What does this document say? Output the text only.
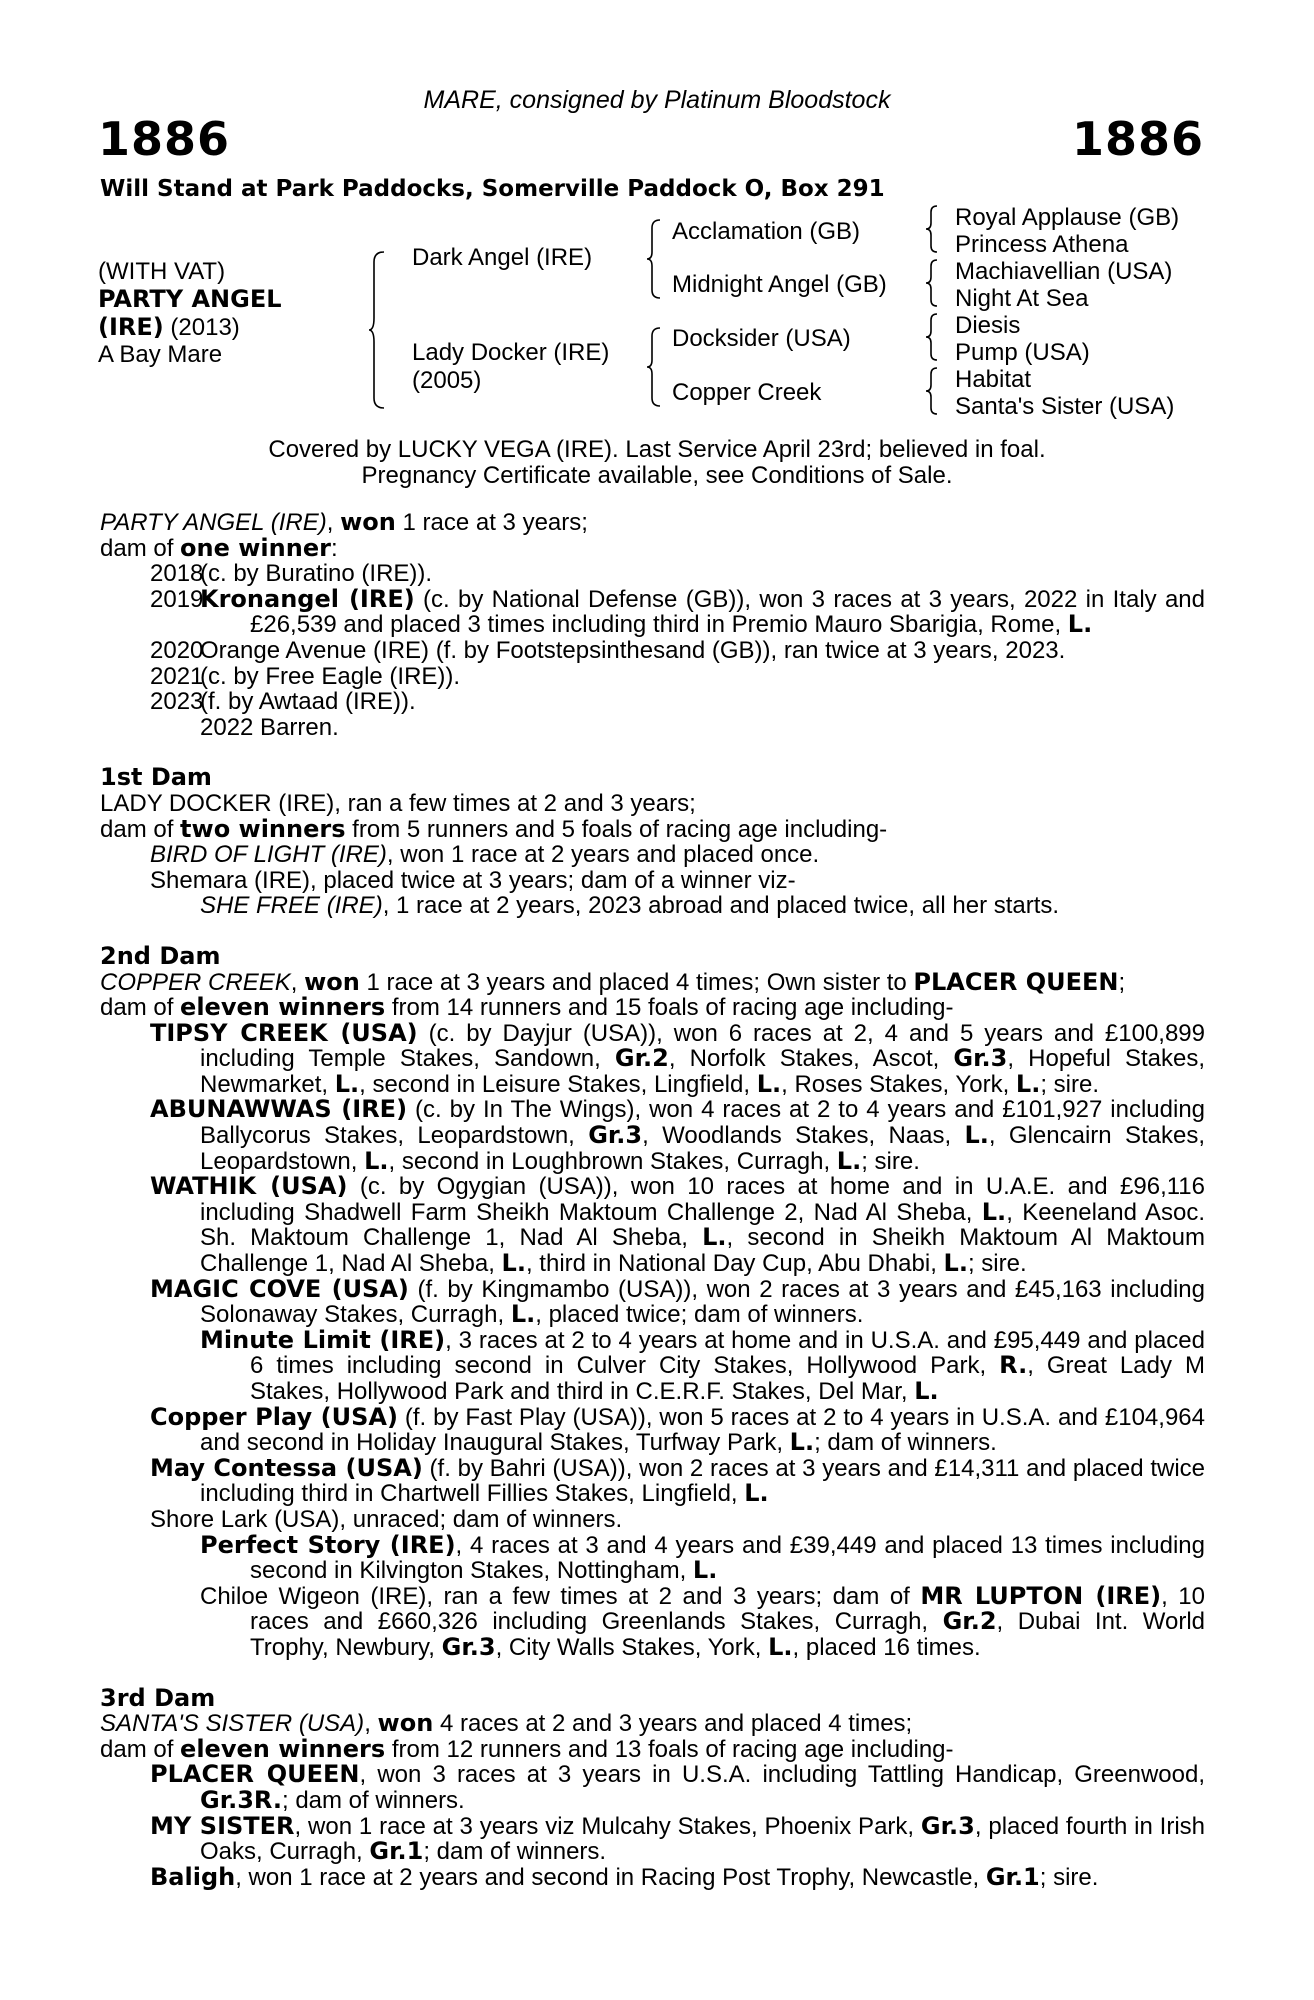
MARE, consigned by Platinum Bloodstock
1886	1886
Will Stand at Park Paddocks, Somerville Paddock O, Box 291
(WITH VAT)
PARTY ANGEL
(IRE) (2013)
A Bay Mare
Dark Angel (IRE)
Lady Docker (IRE)
(2005)
Acclamation (GB)
Midnight Angel (GB)
Docksider (USA)
Copper Creek
Royal Applause (GB)
Princess Athena
Machiavellian (USA)
Night At Sea
Diesis
Pump (USA)
Habitat
Santa's Sister (USA)
Covered by LUCKY VEGA (IRE). Last Service April 23rd; believed in foal.
Pregnancy Certificate available, see Conditions of Sale.

PARTY ANGEL (IRE), won 1 race at 3 years;

dam of one winner:

2018
(c. by Buratino (IRE)).
2019
Kronangel (IRE) (c. by National Defense (GB)), won 3 races at 3 years, 2022 in Italy and £26,539 and placed 3 times including third in Premio Mauro Sbarigia, Rome, L.
2020
Orange Avenue (IRE) (f. by Footstepsinthesand (GB)), ran twice at 3 years, 2023.
2021
(c. by Free Eagle (IRE)).
2023
(f. by Awtaad (IRE)).
2022 Barren.

1st Dam

LADY DOCKER (IRE), ran a few times at 2 and 3 years;

dam of two winners from 5 runners and 5 foals of racing age including-

BIRD OF LIGHT (IRE), won 1 race at 2 years and placed once.

Shemara (IRE), placed twice at 3 years; dam of a winner viz-

SHE FREE (IRE), 1 race at 2 years, 2023 abroad and placed twice, all her starts.

2nd Dam

COPPER CREEK, won 1 race at 3 years and placed 4 times; Own sister to PLACER QUEEN;

dam of eleven winners from 14 runners and 15 foals of racing age including-

TIPSY CREEK (USA) (c. by Dayjur (USA)), won 6 races at 2, 4 and 5 years and £100,899 including Temple Stakes, Sandown, Gr.2, Norfolk Stakes, Ascot, Gr.3, Hopeful Stakes, Newmarket, L., second in Leisure Stakes, Lingfield, L., Roses Stakes, York, L.; sire.

ABUNAWWAS (IRE) (c. by In The Wings), won 4 races at 2 to 4 years and £101,927 including Ballycorus Stakes, Leopardstown, Gr.3, Woodlands Stakes, Naas, L., Glencairn Stakes, Leopardstown, L., second in Loughbrown Stakes, Curragh, L.; sire.

WATHIK (USA) (c. by Ogygian (USA)), won 10 races at home and in U.A.E. and £96,116 including Shadwell Farm Sheikh Maktoum Challenge 2, Nad Al Sheba, L., Keeneland Asoc. Sh. Maktoum Challenge 1, Nad Al Sheba, L., second in Sheikh Maktoum Al Maktoum Challenge 1, Nad Al Sheba, L., third in National Day Cup, Abu Dhabi, L.; sire.

MAGIC COVE (USA) (f. by Kingmambo (USA)), won 2 races at 3 years and £45,163 including Solonaway Stakes, Curragh, L., placed twice; dam of winners.

Minute Limit (IRE), 3 races at 2 to 4 years at home and in U.S.A. and £95,449 and placed 6 times including second in Culver City Stakes, Hollywood Park, R., Great Lady M Stakes, Hollywood Park and third in C.E.R.F. Stakes, Del Mar, L.

Copper Play (USA) (f. by Fast Play (USA)), won 5 races at 2 to 4 years in U.S.A. and £104,964 and second in Holiday Inaugural Stakes, Turfway Park, L.; dam of winners.

May Contessa (USA) (f. by Bahri (USA)), won 2 races at 3 years and £14,311 and placed twice including third in Chartwell Fillies Stakes, Lingfield, L.

Shore Lark (USA), unraced; dam of winners.

Perfect Story (IRE), 4 races at 3 and 4 years and £39,449 and placed 13 times including second in Kilvington Stakes, Nottingham, L.

Chiloe Wigeon (IRE), ran a few times at 2 and 3 years; dam of MR LUPTON (IRE), 10 races and £660,326 including Greenlands Stakes, Curragh, Gr.2, Dubai Int. World Trophy, Newbury, Gr.3, City Walls Stakes, York, L., placed 16 times.

3rd Dam

SANTA'S SISTER (USA), won 4 races at 2 and 3 years and placed 4 times;

dam of eleven winners from 12 runners and 13 foals of racing age including-

PLACER QUEEN, won 3 races at 3 years in U.S.A. including Tattling Handicap, Greenwood, Gr.3R.; dam of winners.

MY SISTER, won 1 race at 3 years viz Mulcahy Stakes, Phoenix Park, Gr.3, placed fourth in Irish Oaks, Curragh, Gr.1; dam of winners.

Baligh, won 1 race at 2 years and second in Racing Post Trophy, Newcastle, Gr.1; sire.
